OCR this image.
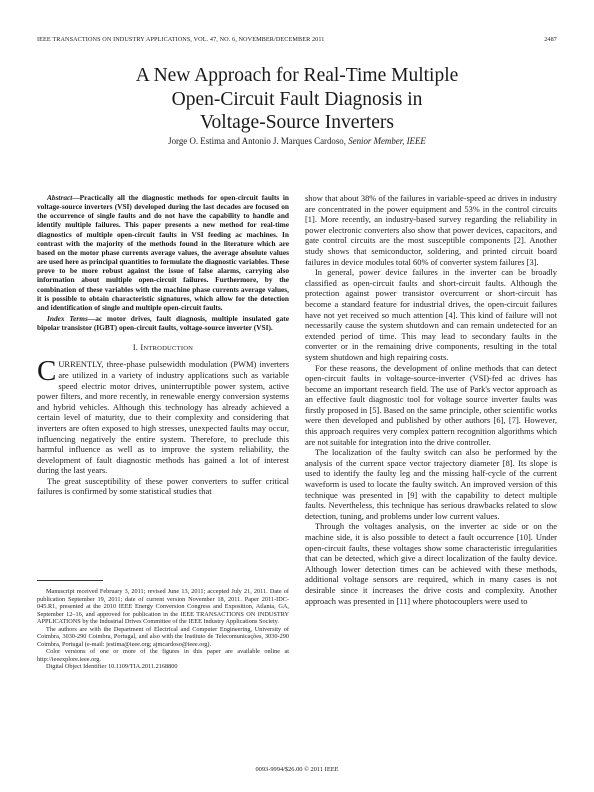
IEEE TRANSACTIONS ON INDUSTRY APPLICATIONS, VOL. 47, NO. 6, NOVEMBER/DECEMBER 2011	2487
A New Approach for Real-Time Multiple
Open-Circuit Fault Diagnosis in
Voltage-Source Inverters
Jorge O. Estima and Antonio J. Marques Cardoso, Senior Member, IEEE

Abstract—Practically all the diagnostic methods for open-circuit faults in voltage-source inverters (VSI) developed during the last decades are focused on the occurrence of single faults and do not have the capability to handle and identify multiple failures. This paper presents a new method for real-time diagnostics of multiple open-circuit faults in VSI feeding ac machines. In contrast with the majority of the methods found in the literature which are based on the motor phase currents average values, the average absolute values are used here as principal quantities to formulate the diagnostic variables. These prove to be more robust against the issue of false alarms, carrying also information about multiple open-circuit failures. Furthermore, by the combination of these variables with the machine phase currents average values, it is possible to obtain characteristic signatures, which allow for the detection and identification of single and multiple open-circuit faults.

Index Terms—ac motor drives, fault diagnosis, multiple insulated gate bipolar transistor (IGBT) open-circuit faults, voltage-source inverter (VSI).

I. INTRODUCTION

CURRENTLY, three-phase pulsewidth modulation (PWM) inverters are utilized in a variety of industry applications such as variable speed electric motor drives, uninterruptible power system, active power filters, and more recently, in renewable energy conversion systems and hybrid vehicles. Although this technology has already achieved a certain level of maturity, due to their complexity and considering that inverters are often exposed to high stresses, unexpected faults may occur, influencing negatively the entire system. Therefore, to preclude this harmful influence as well as to improve the system reliability, the development of fault diagnostic methods has gained a lot of interest during the last years.

The great susceptibility of these power converters to suffer critical failures is confirmed by some statistical studies that

Manuscript received February 3, 2011; revised June 13, 2011; accepted July 21, 2011. Date of publication September 19, 2011; date of current version November 18, 2011. Paper 2011-IDC-045.R1, presented at the 2010 IEEE Energy Conversion Congress and Exposition, Atlanta, GA, September 12–16, and approved for publication in the IEEE TRANSACTIONS ON INDUSTRY APPLICATIONS by the Industrial Drives Committee of the IEEE Industry Applications Society.

The authors are with the Department of Electrical and Computer Engineering, University of Coimbra, 3030-290 Coimbra, Portugal, and also with the Instituto de Telecomunicações, 3030-290 Coimbra, Portugal (e-mail: jestima@ieee.org; ajmcardoso@ieee.org).

Color versions of one or more of the figures in this paper are available online at http://ieeexplore.ieee.org.

Digital Object Identifier 10.1109/TIA.2011.2168800

show that about 38% of the failures in variable-speed ac drives in industry are concentrated in the power equipment and 53% in the control circuits [1]. More recently, an industry-based survey regarding the reliability in power electronic converters also show that power devices, capacitors, and gate control circuits are the most susceptible components [2]. Another study shows that semiconductor, soldering, and printed circuit board failures in device modules total 60% of converter system failures [3].

In general, power device failures in the inverter can be broadly classified as open-circuit faults and short-circuit faults. Although the protection against power transistor overcurrent or short-circuit has become a standard feature for industrial drives, the open-circuit failures have not yet received so much attention [4]. This kind of failure will not necessarily cause the system shutdown and can remain undetected for an extended period of time. This may lead to secondary faults in the converter or in the remaining drive components, resulting in the total system shutdown and high repairing costs.

For these reasons, the development of online methods that can detect open-circuit faults in voltage-source-inverter (VSI)-fed ac drives has become an important research field. The use of Park's vector approach as an effective fault diagnostic tool for voltage source inverter faults was firstly proposed in [5]. Based on the same principle, other scientific works were then developed and published by other authors [6], [7]. However, this approach requires very complex pattern recognition algorithms which are not suitable for integration into the drive controller.

The localization of the faulty switch can also be performed by the analysis of the current space vector trajectory diameter [8]. Its slope is used to identify the faulty leg and the missing half-cycle of the current waveform is used to locate the faulty switch. An improved version of this technique was presented in [9] with the capability to detect multiple faults. Nevertheless, this technique has serious drawbacks related to slow detection, tuning, and problems under low current values.

Through the voltages analysis, on the inverter ac side or on the machine side, it is also possible to detect a fault occurrence [10]. Under open-circuit faults, these voltages show some characteristic irregularities that can be detected, which give a direct localization of the faulty device. Although lower detection times can be achieved with these methods, additional voltage sensors are required, which in many cases is not desirable since it increases the drive costs and complexity. Another approach was presented in [11] where photocouplers were used to

0093-9994/$26.00 © 2011 IEEE
